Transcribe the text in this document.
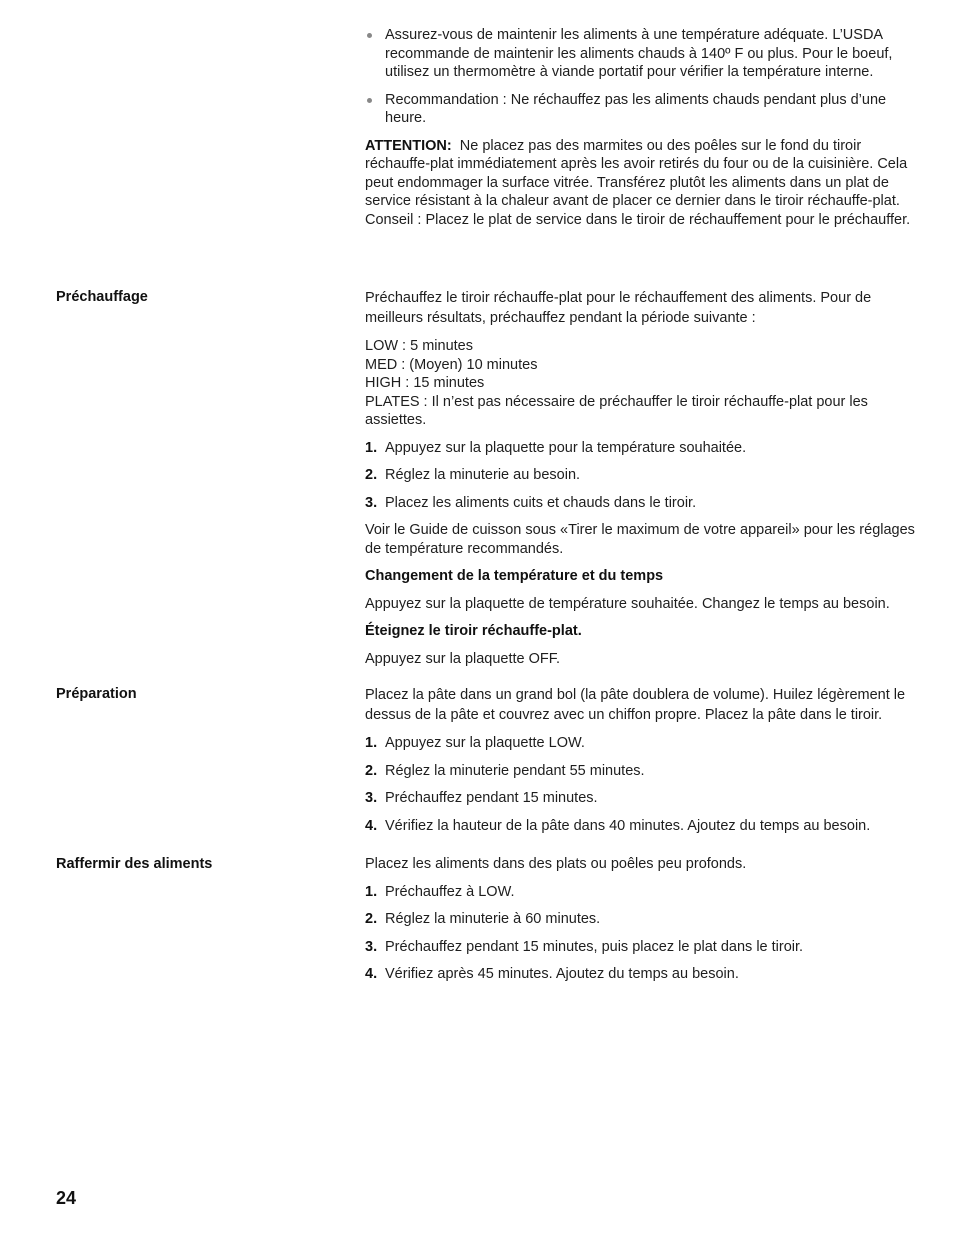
Assurez-vous de maintenir les aliments à une température adéquate. L’USDA recommande de maintenir les aliments chauds à 140º F ou plus. Pour le boeuf, utilisez un thermomètre à viande portatif pour vérifier la température interne.

Recommandation : Ne réchauffez pas les aliments chauds pendant plus d’une heure.

ATTENTION: Ne placez pas des marmites ou des poêles sur le fond du tiroir réchauffe-plat immédiatement après les avoir retirés du four ou de la cuisinière. Cela peut endommager la surface vitrée. Transférez plutôt les aliments dans un plat de service résistant à la chaleur avant de placer ce dernier dans le tiroir réchauffe-plat.

Conseil : Placez le plat de service dans le tiroir de réchauffement pour le préchauffer.

Préchauffage	Préchauffez le tiroir réchauffe-plat pour le réchauffement des aliments. Pour de meilleurs résultats, préchauffez pendant la période suivante :

LOW : 5 minutes

MED : (Moyen) 10 minutes

HIGH : 15 minutes

PLATES : Il n’est pas nécessaire de préchauffer le tiroir réchauffe-plat pour les assiettes.

1. Appuyez sur la plaquette pour la température souhaitée.
2. Réglez la minuterie au besoin.
3. Placez les aliments cuits et chauds dans le tiroir.

Voir le Guide de cuisson sous «Tirer le maximum de votre appareil» pour les réglages de température recommandés.

Changement de la température et du temps

Appuyez sur la plaquette de température souhaitée. Changez le temps au besoin.

Éteignez le tiroir réchauffe-plat.

Appuyez sur la plaquette OFF.

Préparation	Placez la pâte dans un grand bol (la pâte doublera de volume). Huilez légèrement le dessus de la pâte et couvrez avec un chiffon propre. Placez la pâte dans le tiroir.

1. Appuyez sur la plaquette LOW.
2. Réglez la minuterie pendant 55 minutes.
3. Préchauffez pendant 15 minutes.
4. Vérifiez la hauteur de la pâte dans 40 minutes. Ajoutez du temps au besoin.
Raffermir des aliments	Placez les aliments dans des plats ou poêles peu profonds.

1. Préchauffez à LOW.
2. Réglez la minuterie à 60 minutes.
3. Préchauffez pendant 15 minutes, puis placez le plat dans le tiroir.
4. Vérifiez après 45 minutes. Ajoutez du temps au besoin.
24
